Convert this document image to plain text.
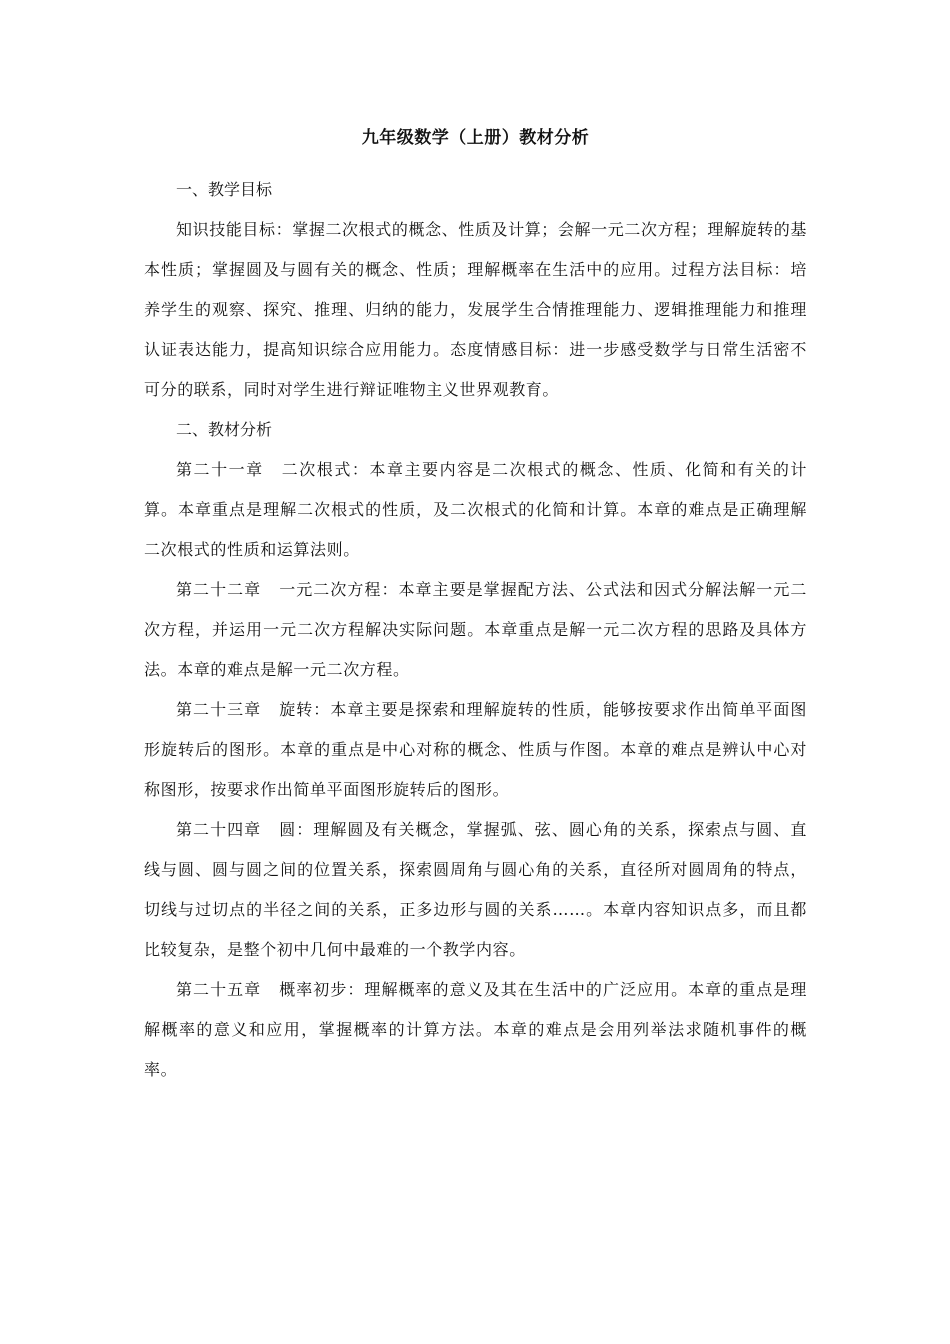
九年级数学（上册）教材分析
一、教学目标

知识技能目标：掌握二次根式的概念、性质及计算；会解一元二次方程；理解旋转的基本性质；掌握圆及与圆有关的概念、性质；理解概率在生活中的应用。过程方法目标：培养学生的观察、探究、推理、归纳的能力，发展学生合情推理能力、逻辑推理能力和推理认证表达能力，提高知识综合应用能力。态度情感目标：进一步感受数学与日常生活密不可分的联系，同时对学生进行辩证唯物主义世界观教育。

二、教材分析

第二十一章 二次根式：本章主要内容是二次根式的概念、性质、化简和有关的计算。本章重点是理解二次根式的性质，及二次根式的化简和计算。本章的难点是正确理解二次根式的性质和运算法则。

第二十二章 一元二次方程：本章主要是掌握配方法、公式法和因式分解法解一元二次方程，并运用一元二次方程解决实际问题。本章重点是解一元二次方程的思路及具体方法。本章的难点是解一元二次方程。

第二十三章 旋转：本章主要是探索和理解旋转的性质，能够按要求作出简单平面图形旋转后的图形。本章的重点是中心对称的概念、性质与作图。本章的难点是辨认中心对称图形，按要求作出简单平面图形旋转后的图形。

第二十四章 圆：理解圆及有关概念，掌握弧、弦、圆心角的关系，探索点与圆、直线与圆、圆与圆之间的位置关系，探索圆周角与圆心角的关系，直径所对圆周角的特点，切线与过切点的半径之间的关系，正多边形与圆的关系……。本章内容知识点多，而且都比较复杂，是整个初中几何中最难的一个教学内容。

第二十五章 概率初步：理解概率的意义及其在生活中的广泛应用。本章的重点是理解概率的意义和应用，掌握概率的计算方法。本章的难点是会用列举法求随机事件的概率。
